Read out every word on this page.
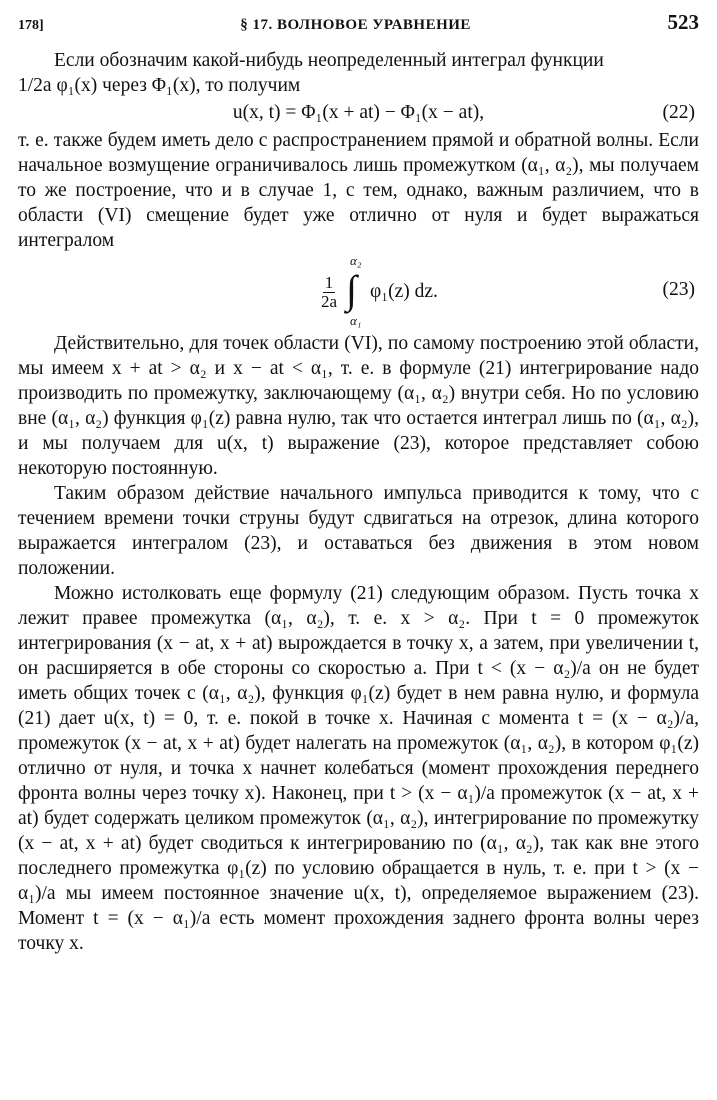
178]	§ 17. ВОЛНОВОЕ УРАВНЕНИЕ	523

Если обозначим какой-нибудь неопределенный интеграл функции

1/2a φ₁(x) через Φ₁(x), то получим

u(x, t) = Φ₁(x + at) − Φ₁(x − at),	(22)

т. е. также будем иметь дело с распространением прямой и обратной волны. Если начальное возмущение ограничивалось лишь промежутком (α₁, α₂), мы получаем то же построение, что и в случае 1, с тем, однако, важным различием, что в области (VI) смещение будет уже отлично от нуля и будет выражаться интегралом

$\frac{1}{2a}$
α₂
∫
α₁
φ₁(z) dz.	(23)

Действительно, для точек области (VI), по самому построению этой области, мы имеем x + at > α₂ и x − at < α₁, т. е. в формуле (21) интегрирование надо производить по промежутку, заключающему (α₁, α₂) внутри себя. Но по условию вне (α₁, α₂) функция φ₁(z) равна нулю, так что остается интеграл лишь по (α₁, α₂), и мы получаем для u(x, t) выражение (23), которое представляет собою некоторую постоянную.

Таким образом действие начального импульса приводится к тому, что с течением времени точки струны будут сдвигаться на отрезок, длина которого выражается интегралом (23), и оставаться без движения в этом новом положении.

Можно истолковать еще формулу (21) следующим образом. Пусть точка x лежит правее промежутка (α₁, α₂), т. е. x > α₂. При t = 0 промежуток интегрирования (x − at, x + at) вырождается в точку x, а затем, при увеличении t, он расширяется в обе стороны со скоростью a. При t < (x − α₂)/a он не будет иметь общих точек с (α₁, α₂), функция φ₁(z) будет в нем равна нулю, и формула (21) дает u(x, t) = 0, т. е. покой в точке x. Начиная с момента t = (x − α₂)/a, промежуток (x − at, x + at) будет налегать на промежуток (α₁, α₂), в котором φ₁(z) отлично от нуля, и точка x начнет колебаться (момент прохождения переднего фронта волны через точку x). Наконец, при t > (x − α₁)/a промежуток (x − at, x + at) будет содержать целиком промежуток (α₁, α₂), интегрирование по промежутку (x − at, x + at) будет сводиться к интегрированию по (α₁, α₂), так как вне этого последнего промежутка φ₁(z) по условию обращается в нуль, т. е. при t > (x − α₁)/a мы имеем постоянное значение u(x, t), определяемое выражением (23). Момент t = (x − α₁)/a есть момент прохождения заднего фронта волны через точку x.
